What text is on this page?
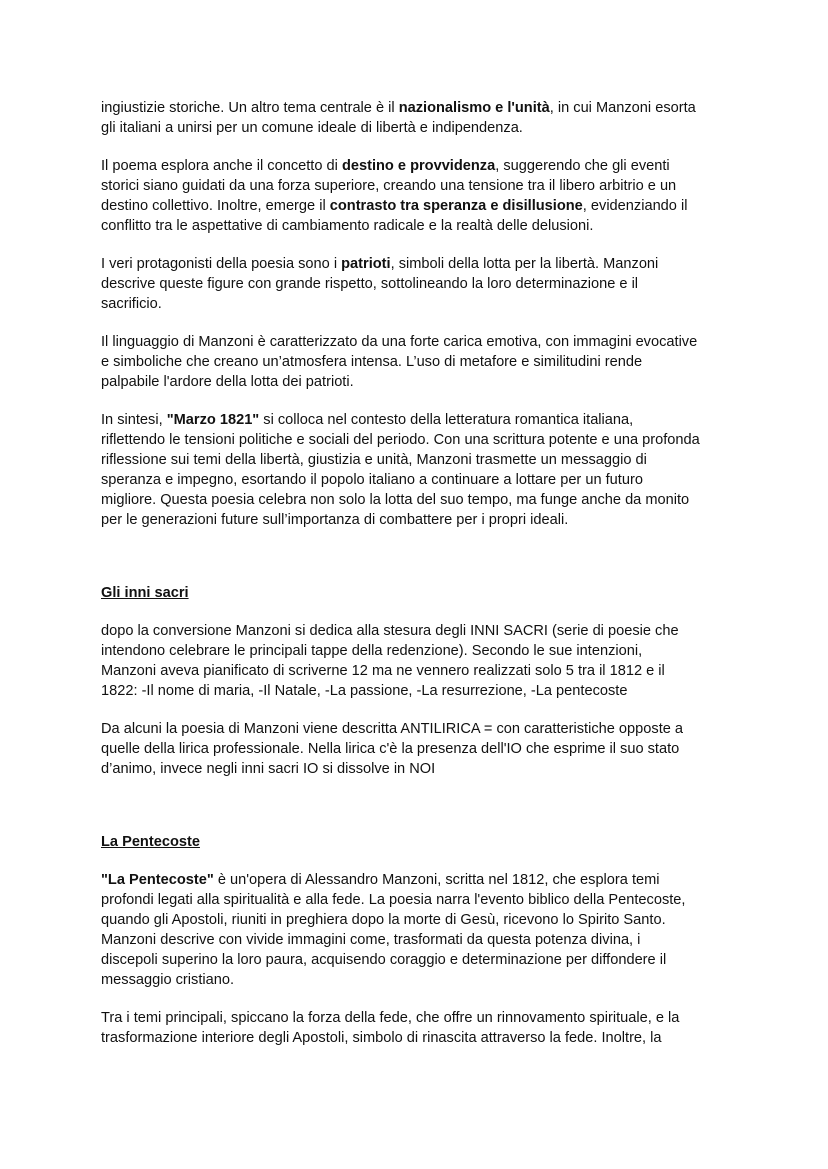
ingiustizie storiche. Un altro tema centrale è il nazionalismo e l'unità, in cui Manzoni esorta
gli italiani a unirsi per un comune ideale di libertà e indipendenza.
Il poema esplora anche il concetto di destino e provvidenza, suggerendo che gli eventi
storici siano guidati da una forza superiore, creando una tensione tra il libero arbitrio e un
destino collettivo. Inoltre, emerge il contrasto tra speranza e disillusione, evidenziando il
conflitto tra le aspettative di cambiamento radicale e la realtà delle delusioni.
I veri protagonisti della poesia sono i patrioti, simboli della lotta per la libertà. Manzoni
descrive queste figure con grande rispetto, sottolineando la loro determinazione e il
sacrificio.
Il linguaggio di Manzoni è caratterizzato da una forte carica emotiva, con immagini evocative
e simboliche che creano un’atmosfera intensa. L’uso di metafore e similitudini rende
palpabile l'ardore della lotta dei patrioti.
In sintesi, "Marzo 1821" si colloca nel contesto della letteratura romantica italiana,
riflettendo le tensioni politiche e sociali del periodo. Con una scrittura potente e una profonda
riflessione sui temi della libertà, giustizia e unità, Manzoni trasmette un messaggio di
speranza e impegno, esortando il popolo italiano a continuare a lottare per un futuro
migliore. Questa poesia celebra non solo la lotta del suo tempo, ma funge anche da monito
per le generazioni future sull’importanza di combattere per i propri ideali.
Gli inni sacri
dopo la conversione Manzoni si dedica alla stesura degli INNI SACRI (serie di poesie che
intendono celebrare le principali tappe della redenzione). Secondo le sue intenzioni,
Manzoni aveva pianificato di scriverne 12 ma ne vennero realizzati solo 5 tra il 1812 e il
1822: -Il nome di maria, -Il Natale, -La passione, -La resurrezione, -La pentecoste
Da alcuni la poesia di Manzoni viene descritta ANTILIRICA = con caratteristiche opposte a
quelle della lirica professionale. Nella lirica c'è la presenza dell'IO che esprime il suo stato
d’animo, invece negli inni sacri IO si dissolve in NOI
La Pentecoste
"La Pentecoste" è un'opera di Alessandro Manzoni, scritta nel 1812, che esplora temi
profondi legati alla spiritualità e alla fede. La poesia narra l'evento biblico della Pentecoste,
quando gli Apostoli, riuniti in preghiera dopo la morte di Gesù, ricevono lo Spirito Santo.
Manzoni descrive con vivide immagini come, trasformati da questa potenza divina, i
discepoli superino la loro paura, acquisendo coraggio e determinazione per diffondere il
messaggio cristiano.
Tra i temi principali, spiccano la forza della fede, che offre un rinnovamento spirituale, e la
trasformazione interiore degli Apostoli, simbolo di rinascita attraverso la fede. Inoltre, la
